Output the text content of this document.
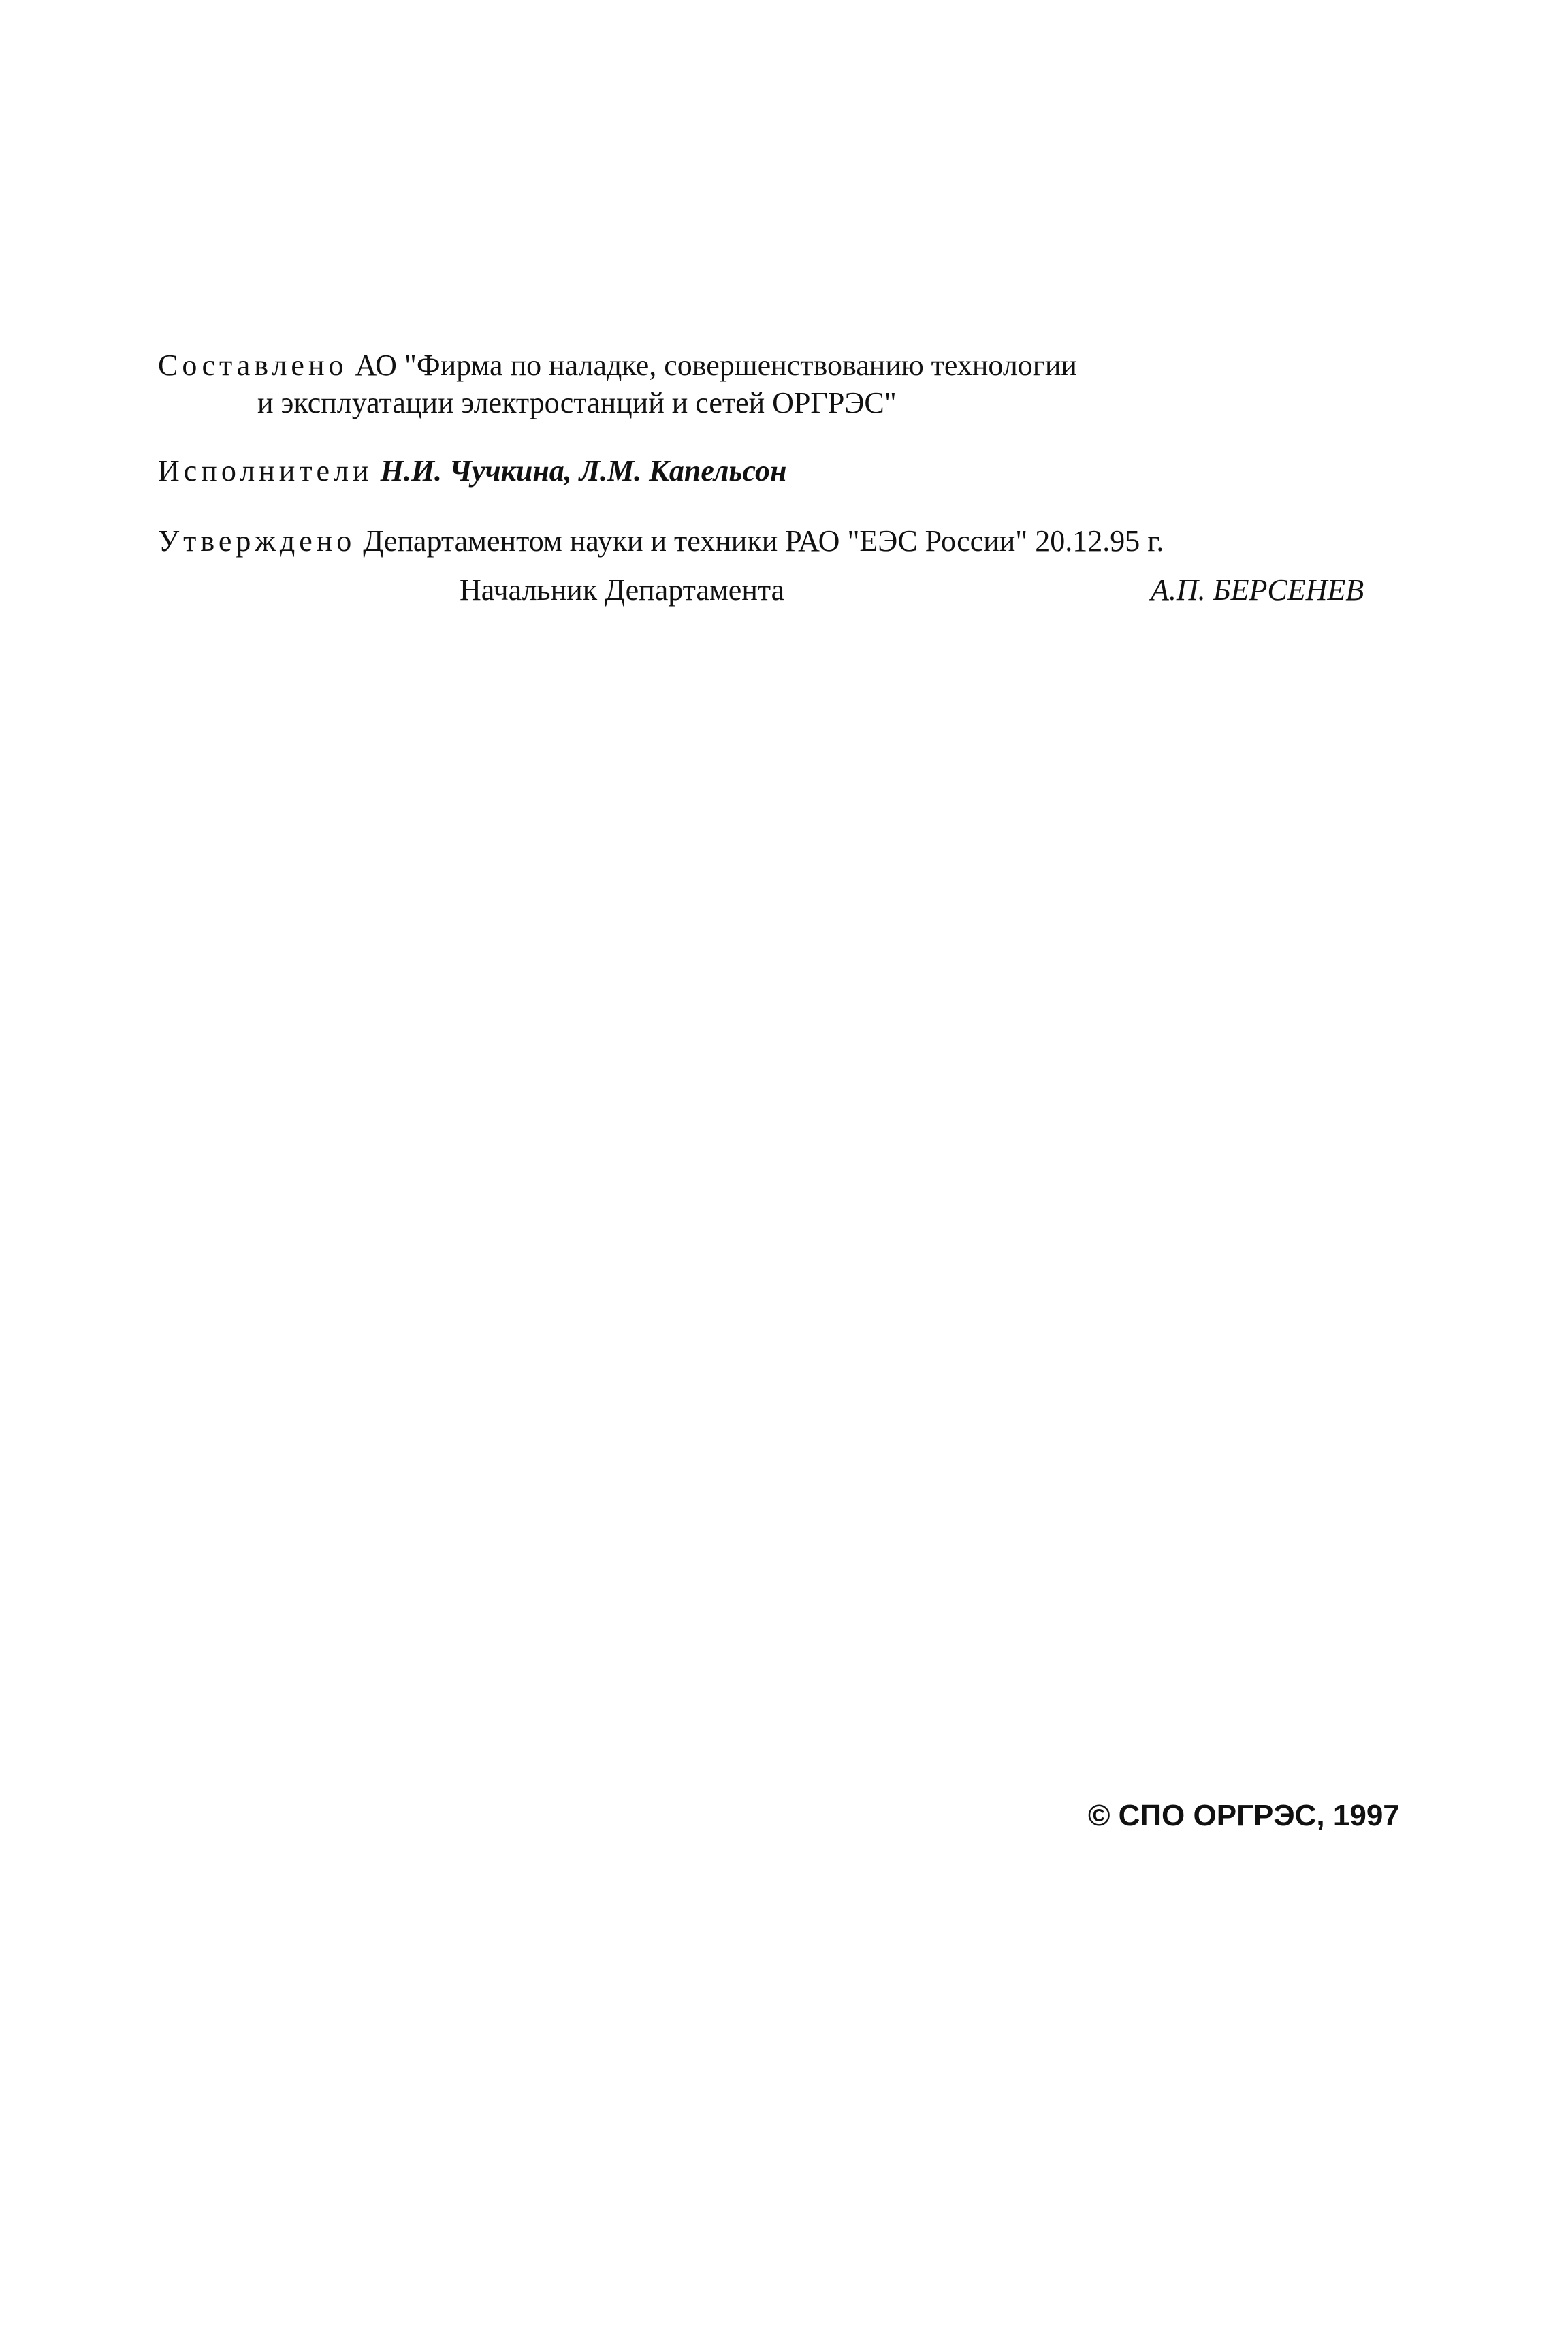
Составлено АО "Фирма по наладке, совершенствованию технологии
и эксплуатации электростанций и сетей ОРГРЭС"
Исполнители Н.И. Чучкина, Л.М. Капельсон
Утверждено Департаментом науки и техники РАО "ЕЭС России" 20.12.95 г.
Начальник Департамента	А.П. БЕРСЕНЕВ
© СПО ОРГРЭС, 1997
